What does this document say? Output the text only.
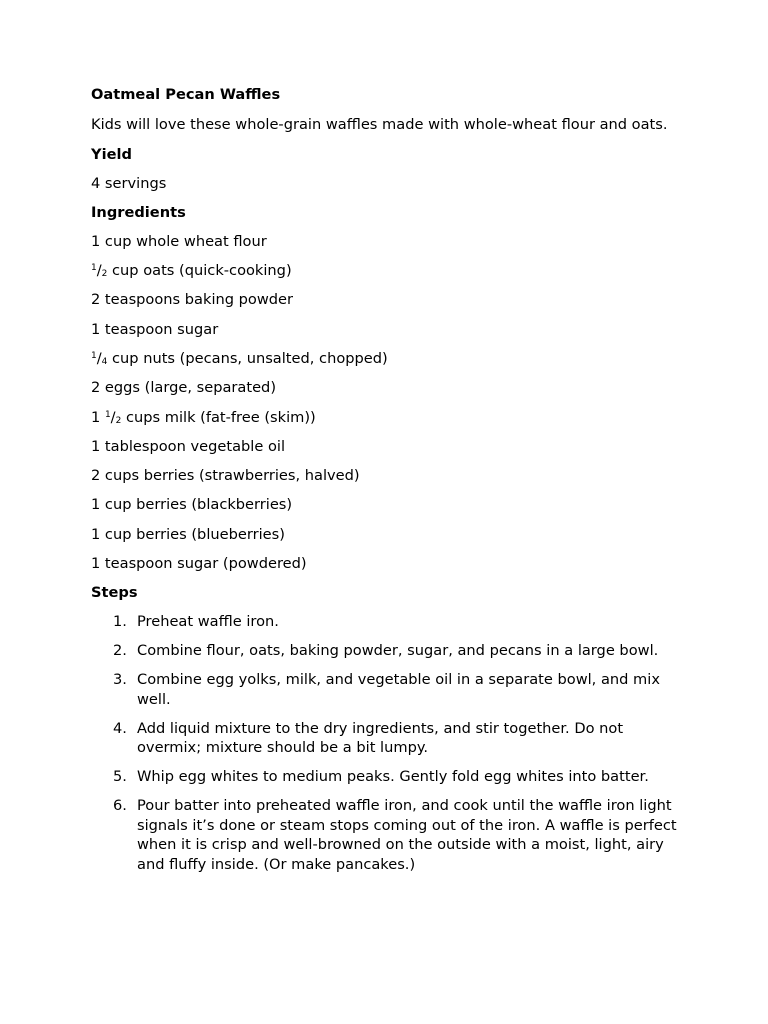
Oatmeal Pecan Waffles
Kids will love these whole-grain waffles made with whole-wheat flour and oats.
Yield
4 servings
Ingredients
1 cup whole wheat flour
$^1/_2$ cup oats (quick-cooking)
2 teaspoons baking powder
1 teaspoon sugar
$^1/_4$ cup nuts (pecans, unsalted, chopped)
2 eggs (large, separated)
1 $^1/_2$ cups milk (fat-free (skim))
1 tablespoon vegetable oil
2 cups berries (strawberries, halved)
1 cup berries (blackberries)
1 cup berries (blueberries)
1 teaspoon sugar (powdered)
Steps
1. Preheat waffle iron.
2. Combine flour, oats, baking powder, sugar, and pecans in a large bowl.
3. Combine egg yolks, milk, and vegetable oil in a separate bowl, and mix well.
4. Add liquid mixture to the dry ingredients, and stir together. Do not overmix; mixture should be a bit lumpy.
5. Whip egg whites to medium peaks. Gently fold egg whites into batter.
6. Pour batter into preheated waffle iron, and cook until the waffle iron light signals it’s done or steam stops coming out of the iron. A waffle is perfect when it is crisp and well-browned on the outside with a moist, light, airy and fluffy inside. (Or make pancakes.)
